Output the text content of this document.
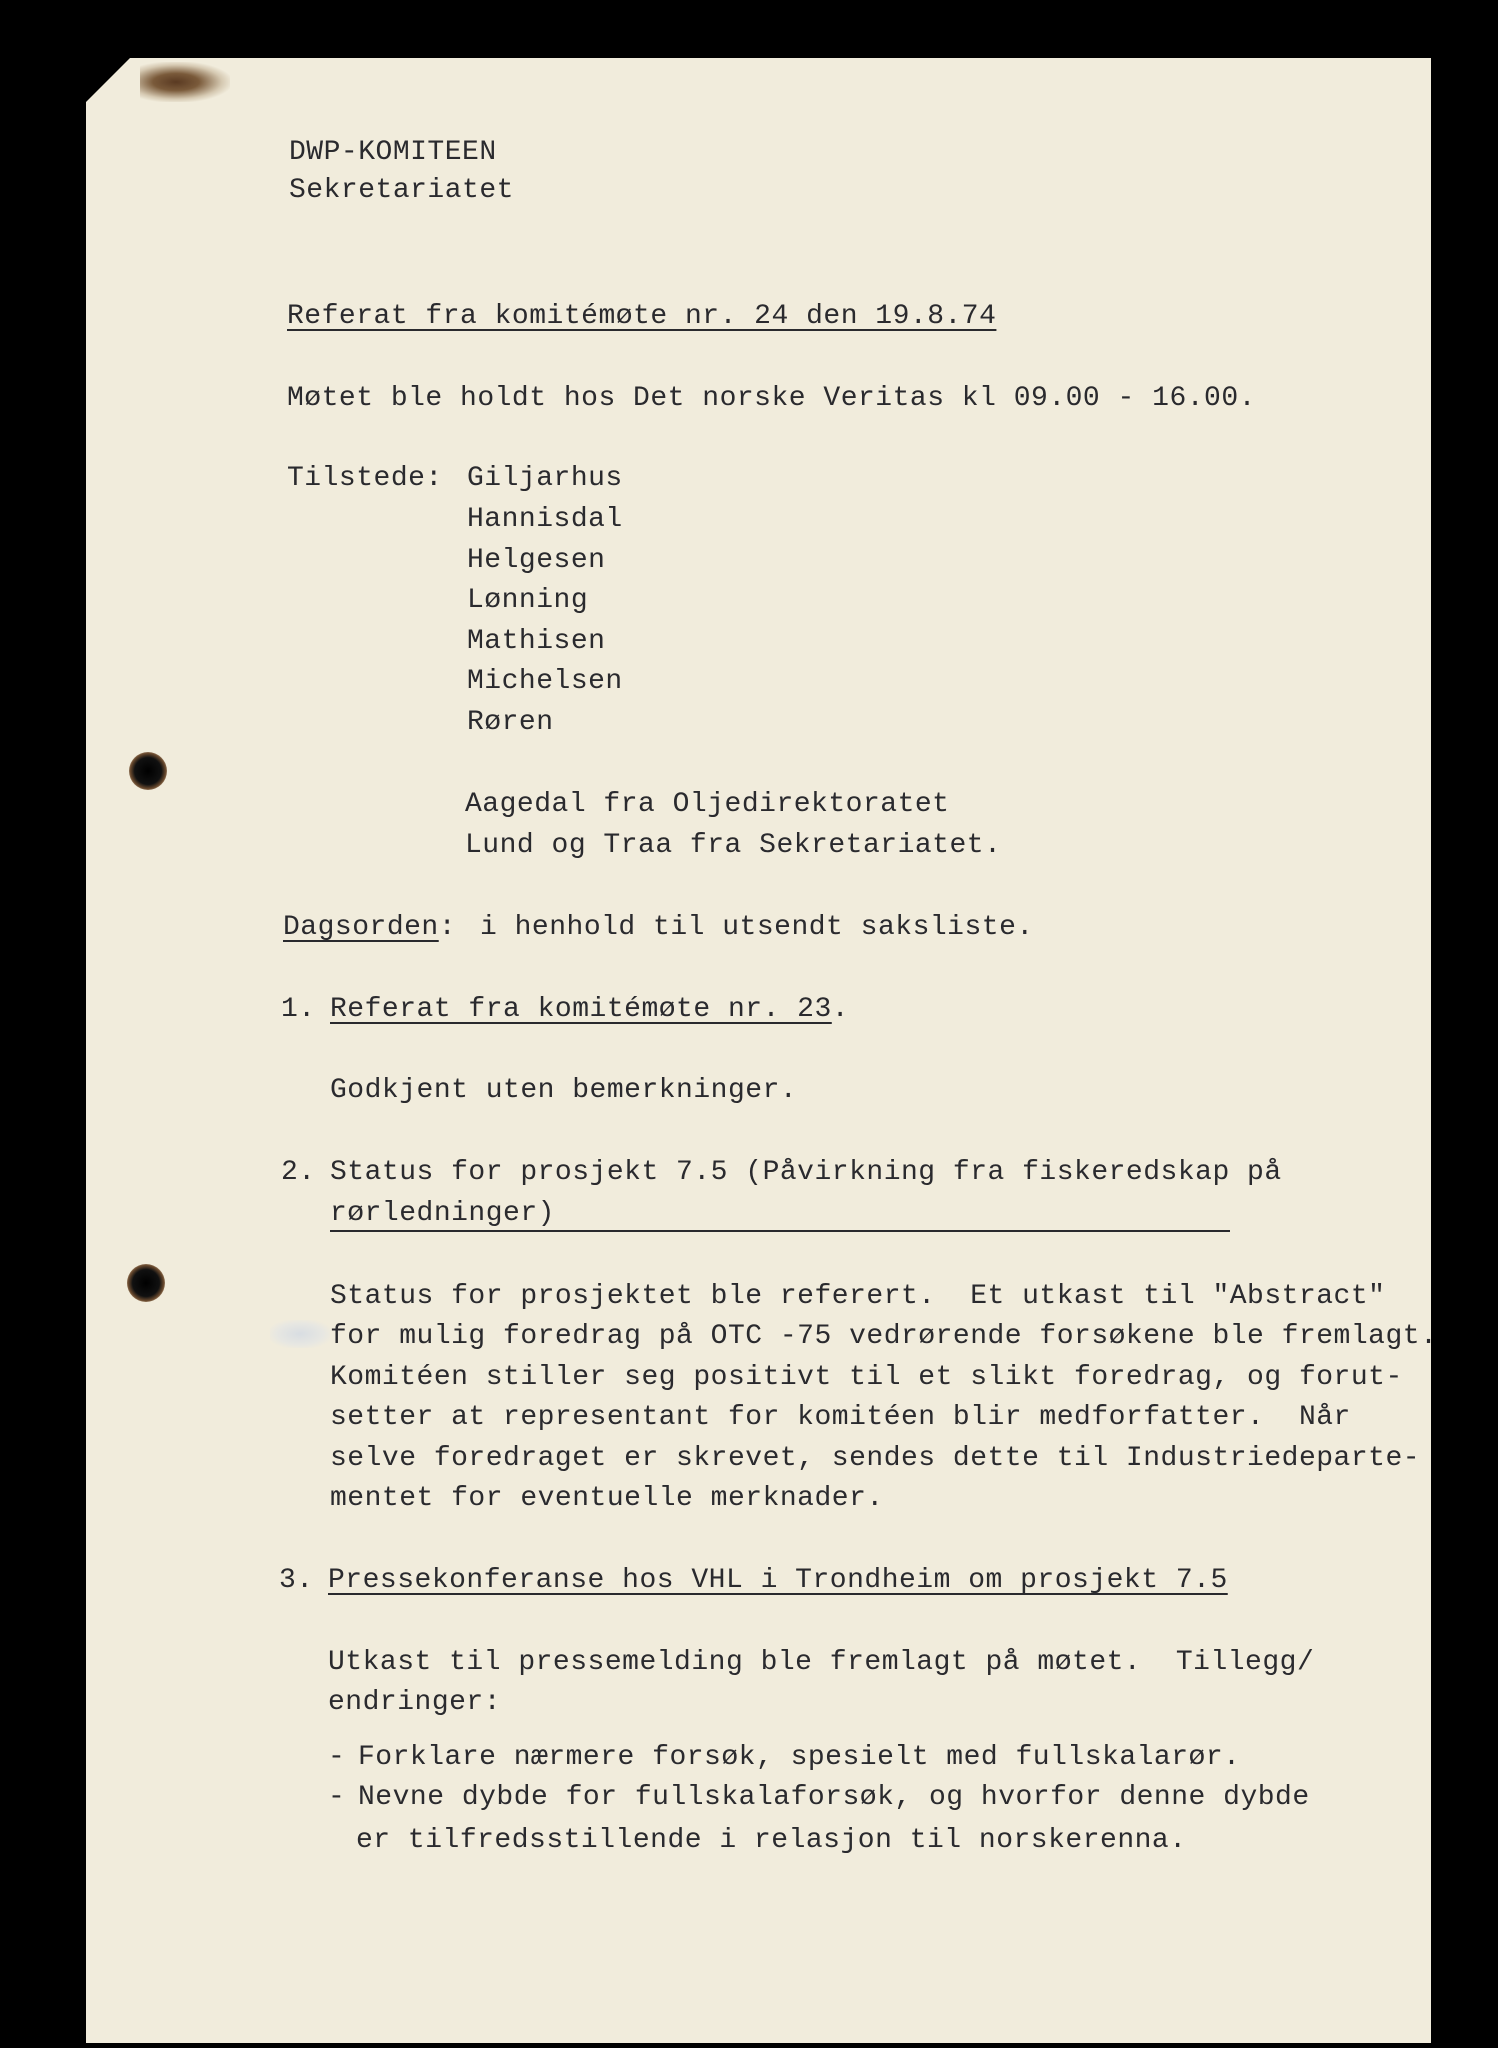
DWP-KOMITEEN
Sekretariatet
Referat fra komitémøte nr. 24 den 19.8.74
Møtet ble holdt hos Det norske Veritas kl 09.00 - 16.00.
Tilstede: Giljarhus
Hannisdal
Helgesen
Lønning
Mathisen
Michelsen
Røren
Aagedal fra Oljedirektoratet
Lund og Traa fra Sekretariatet.
Dagsorden: i henhold til utsendt saksliste.
1. Referat fra komitémøte nr. 23.
Godkjent uten bemerkninger.
2. Status for prosjekt 7.5 (Påvirkning fra fiskeredskap på
rørledninger)
Status for prosjektet ble referert.  Et utkast til "Abstract"
for mulig foredrag på OTC -75 vedrørende forsøkene ble fremlagt.
Komitéen stiller seg positivt til et slikt foredrag, og forut-
setter at representant for komitéen blir medforfatter.  Når
selve foredraget er skrevet, sendes dette til Industriedeparte-
mentet for eventuelle merknader.
3. Pressekonferanse hos VHL i Trondheim om prosjekt 7.5
Utkast til pressemelding ble fremlagt på møtet.  Tillegg/
endringer:
- Forklare nærmere forsøk, spesielt med fullskalarør.
- Nevne dybde for fullskalaforsøk, og hvorfor denne dybde
er tilfredsstillende i relasjon til norskerenna.
